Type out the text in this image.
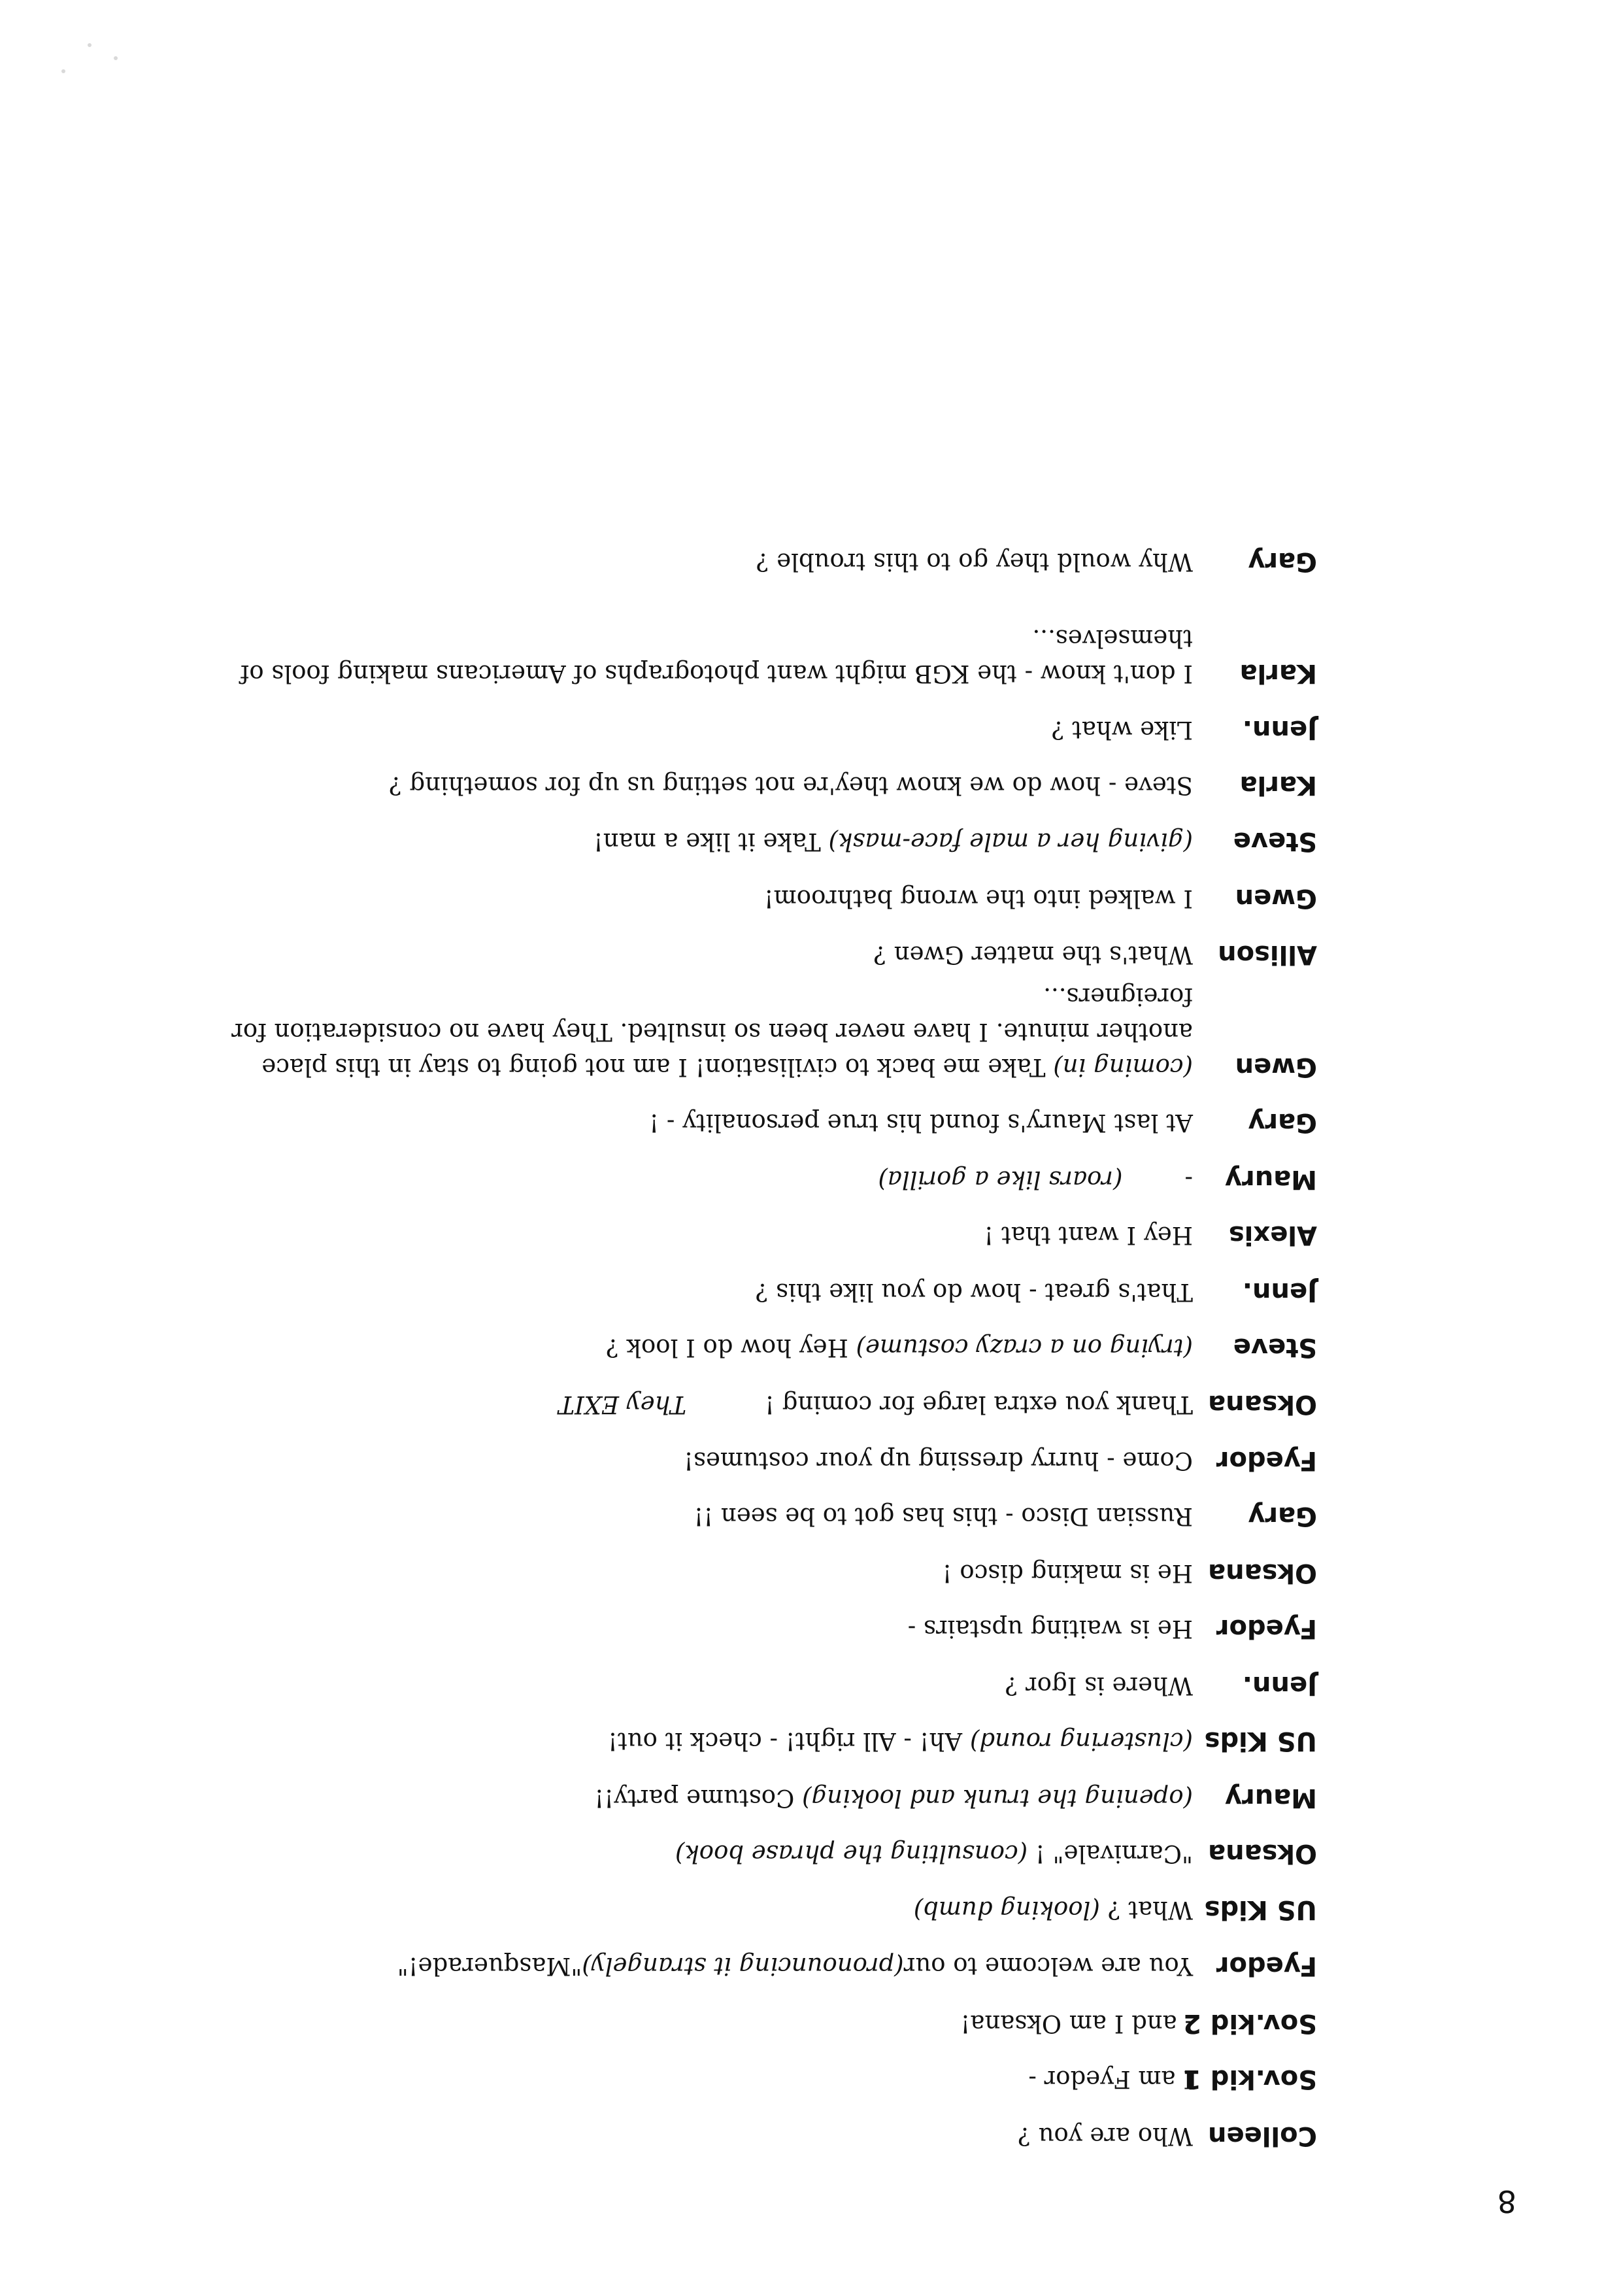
8
Colleen
Who are you ?
Sov.kid 1
I am Fyedor -
Sov.kid 2
- and I am Oksana!
Fyedor
You are welcome to our(pronouncing it strangely)"Masquerade!"
US Kids
What ? (looking dumb)
Oksana
"Carnivale" ! (consulting the phrase book)
Maury
(opening the trunk and looking) Costume party!!
US Kids
(clustering round) Ah! - All right! - check it out!
Jenn.
Where is Igor ?
Fyedor
He is waiting upstairs -
Oksana
He is making disco !
Gary
Russian Disco - this has got to be seen !!
Fyedor
Come - hurry dressing up your costumes!
Oksana
Thank you extra large for coming !They EXIT
Steve
(trying on a crazy costume) Hey how do I look ?
Jenn.
That's great - how do you like this ?
Alexis
Hey I want that !
Maury
-(roars like a gorilla)
Gary
At last Maury's found his true personality - !
Gwen
(coming in) Take me back to civilisation! I am not going to stay in this place another minute. I have never been so insulted. They have no consideration for foreigners...
Allison
What's the matter Gwen ?
Gwen
I walked into the wrong bathroom!
Steve
(giving her a male face-mask) Take it like a man!
Karla
Steve - how do we know they're not setting us up for something ?
Jenn.
Like what ?
Karla
I don't know - the KGB might want photographs of Americans making fools of themselves...
Gary
Why would they go to this trouble ?
